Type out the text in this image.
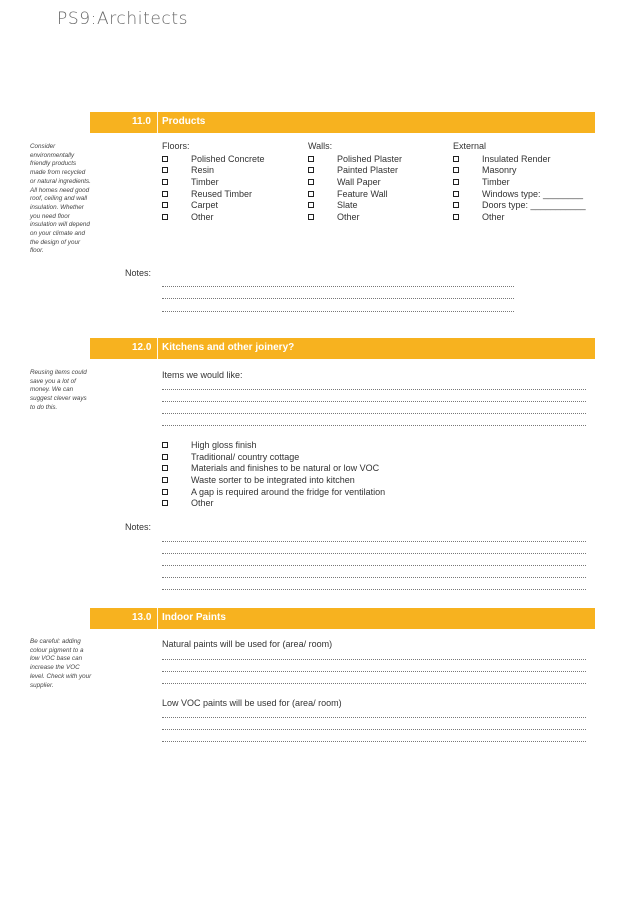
PS9:Architects
11.0 Products
Consider environmentally friendly products made from recycled or natural ingredients. All homes need good roof, ceiling and wall insulation. Whether you need floor insulation will depend on your climate and the design of your floor.
Floors:
Polished Concrete
Resin
Timber
Reused Timber
Carpet
Other
Walls:
Polished Plaster
Painted Plaster
Wall Paper
Feature Wall
Slate
Other
External
Insulated Render
Masonry
Timber
Windows type: ________
Doors type: ___________
Other
Notes:
12.0 Kitchens and other joinery?
Reusing items could save you a lot of money. We can suggest clever ways to do this.
Items we would like:
High gloss finish
Traditional/ country cottage
Materials and finishes to be natural or low VOC
Waste sorter to be integrated into kitchen
A gap is required around the fridge for ventilation
Other
Notes:
13.0 Indoor Paints
Be careful: adding colour pigment to a low VOC base can increase the VOC level. Check with your supplier.
Natural paints will be used for (area/ room)
Low VOC paints will be used for (area/ room)
